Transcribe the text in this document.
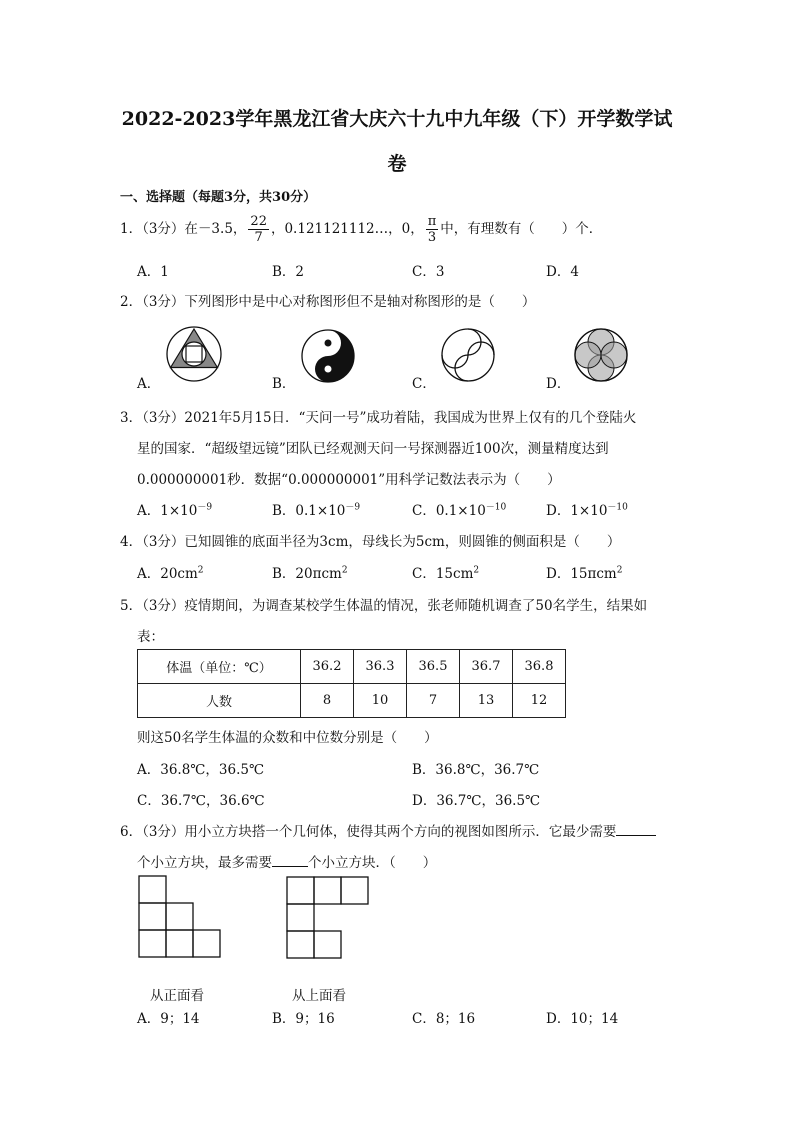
2022-2023学年黑龙江省大庆六十九中九年级（下）开学数学试
卷
一、选择题（每题3分，共30分）
1．（3分）在－3.5， $\frac{22}{7}$ ，0.121121112…，0， $\frac{\pi}{3}$ 中，有理数有（　　）个．
A．1	B．2	C．3	D．4
2．（3分）下列图形中是中心对称图形但不是轴对称图形的是（　　）
A．	B．	C．	D．
3．（3分）2021年5月15日．“天问一号”成功着陆，我国成为世界上仅有的几个登陆火
星的国家．“超级望远镜”团队已经观测天问一号探测器近100次，测量精度达到
0.000000001秒．数据“0.000000001”用科学记数法表示为（　　）
A．$1\times 10^{-9}$	B．$0.1\times 10^{-9}$	C．$0.1\times 10^{-10}$	D．$1\times 10^{-10}$
4．（3分）已知圆锥的底面半径为3cm，母线长为5cm，则圆锥的侧面积是（　　）
A．$20cm^2$	B．20πcm$^2$	C．$15cm^2$	D．15πcm$^2$
5．（3分）疫情期间，为调查某校学生体温的情况，张老师随机调查了50名学生，结果如
表：
体温（单位：℃）	36.2	36.3	36.5	36.7	36.8
人数	8	10	7	13	12
则这50名学生体温的众数和中位数分别是（　　）
A．36.8℃，36.5℃	B．36.8℃，36.7℃
C．36.7℃，36.6℃	D．36.7℃，36.5℃
6．（3分）用小立方块搭一个几何体，使得其两个方向的视图如图所示．它最少需要
个小立方块，最多需要	个小立方块．（　　）
从正面看	从上面看
A．9；14	B．9；16	C．8；16	D．10；14
